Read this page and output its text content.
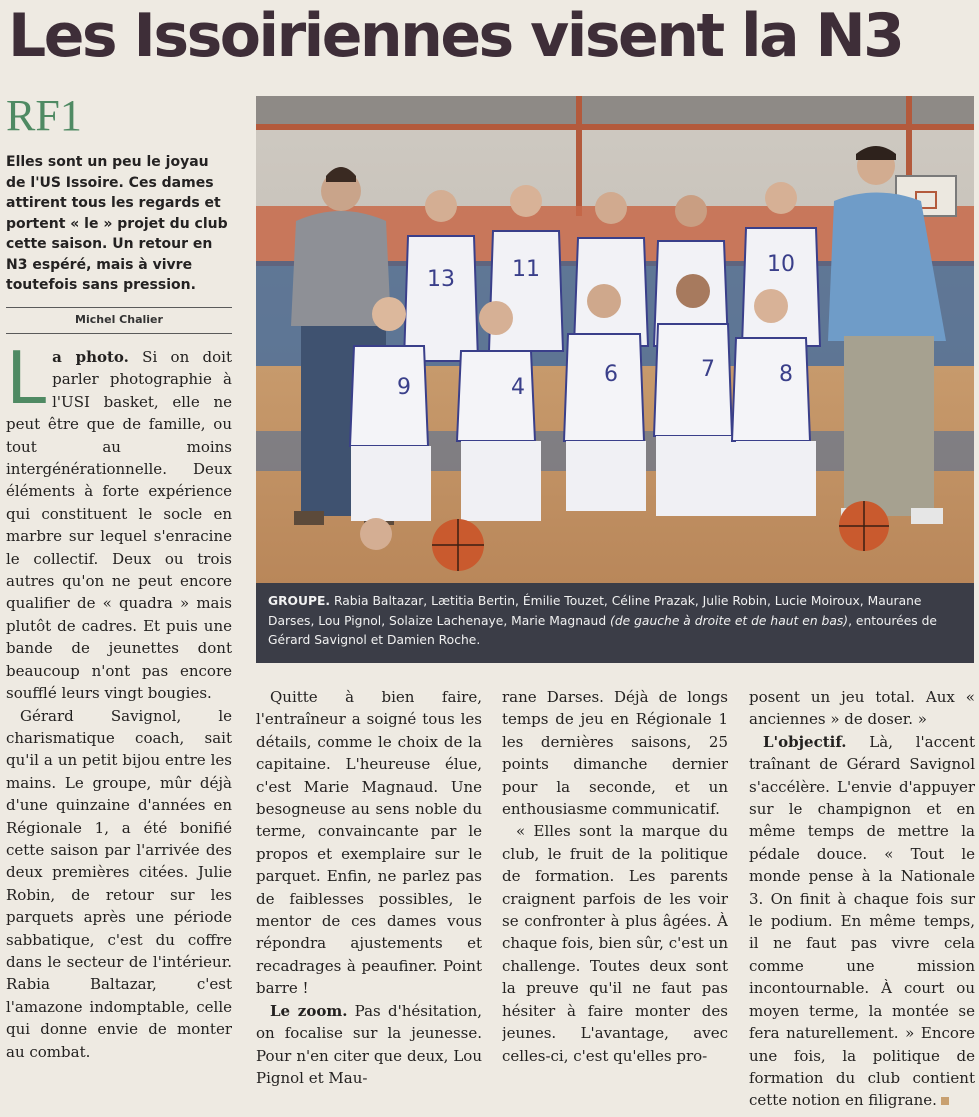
Les Issoiriennes visent la N3
RF1
Elles sont un peu le joyau de l'US Issoire. Ces dames attirent tous les regards et portent « le » projet du club cette saison. Un retour en N3 espéré, mais à vivre toutefois sans pression.
Michel Chalier
13	11	10
9	4
6	7	8
GROUPE. Rabia Baltazar, Lætitia Bertin, Émilie Touzet, Céline Prazak, Julie Robin, Lucie Moiroux, Maurane Darses, Lou Pignol, Solaize Lachenaye, Marie Magnaud (de gauche à droite et de haut en bas), entourées de Gérard Savignol et Damien Roche.

La photo. Si on doit parler photographie à l'USI basket, elle ne peut être que de famille, ou tout au moins intergénérationnelle. Deux éléments à forte expérience qui constituent le socle en marbre sur lequel s'enracine le collectif. Deux ou trois autres qu'on ne peut encore qualifier de « quadra » mais plutôt de cadres. Et puis une bande de jeunettes dont beaucoup n'ont pas encore soufflé leurs vingt bougies.

Gérard Savignol, le charismatique coach, sait qu'il a un petit bijou entre les mains. Le groupe, mûr déjà d'une quinzaine d'années en Régionale 1, a été bonifié cette saison par l'arrivée des deux premières citées. Julie Robin, de retour sur les parquets après une période sabbatique, c'est du coffre dans le secteur de l'intérieur. Rabia Baltazar, c'est l'amazone indomptable, celle qui donne envie de monter au combat.

Quitte à bien faire, l'entraîneur a soigné tous les détails, comme le choix de la capitaine. L'heureuse élue, c'est Marie Magnaud. Une besogneuse au sens noble du terme, convaincante par le propos et exemplaire sur le parquet. Enfin, ne parlez pas de faiblesses possibles, le mentor de ces dames vous répondra ajustements et recadrages à peaufiner. Point barre !

Le zoom. Pas d'hésitation, on focalise sur la jeunesse. Pour n'en citer que deux, Lou Pignol et Mau-

rane Darses. Déjà de longs temps de jeu en Régionale 1 les dernières saisons, 25 points dimanche dernier pour la seconde, et un enthousiasme communicatif.

« Elles sont la marque du club, le fruit de la politique de formation. Les parents craignent parfois de les voir se confronter à plus âgées. À chaque fois, bien sûr, c'est un challenge. Toutes deux sont la preuve qu'il ne faut pas hésiter à faire monter des jeunes. L'avantage, avec celles-ci, c'est qu'elles pro-

posent un jeu total. Aux « anciennes » de doser. »

L'objectif. Là, l'accent traînant de Gérard Savignol s'accélère. L'envie d'appuyer sur le champignon et en même temps de mettre la pédale douce. « Tout le monde pense à la Nationale 3. On finit à chaque fois sur le podium. En même temps, il ne faut pas vivre cela comme une mission incontournable. À court ou moyen terme, la montée se fera naturellement. » Encore une fois, la politique de formation du club contient cette notion en filigrane.
